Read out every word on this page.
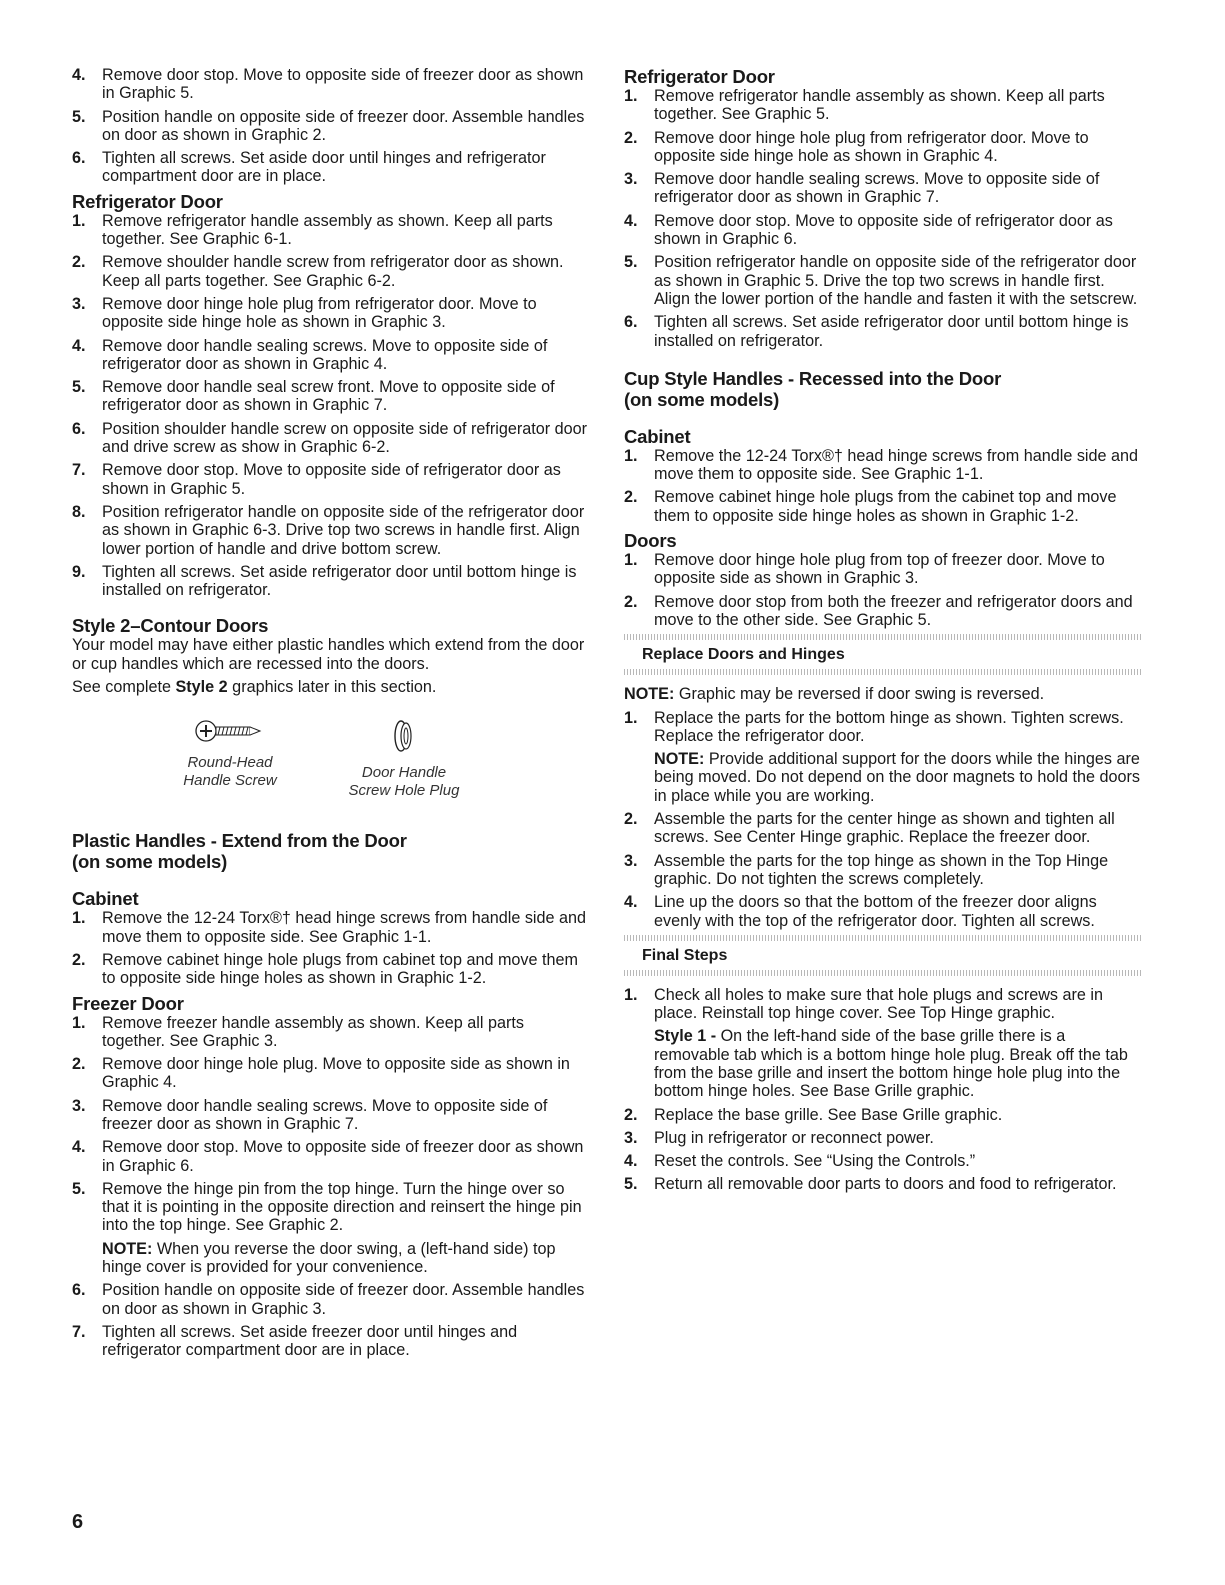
4. Remove door stop. Move to opposite side of freezer door as shown in Graphic 5.
5. Position handle on opposite side of freezer door. Assemble handles on door as shown in Graphic 2.
6. Tighten all screws. Set aside door until hinges and refrigerator compartment door are in place.
Refrigerator Door
1. Remove refrigerator handle assembly as shown. Keep all parts together. See Graphic 6-1.
2. Remove shoulder handle screw from refrigerator door as shown. Keep all parts together. See Graphic 6-2.
3. Remove door hinge hole plug from refrigerator door. Move to opposite side hinge hole as shown in Graphic 3.
4. Remove door handle sealing screws. Move to opposite side of refrigerator door as shown in Graphic 4.
5. Remove door handle seal screw front. Move to opposite side of refrigerator door as shown in Graphic 7.
6. Position shoulder handle screw on opposite side of refrigerator door and drive screw as show in Graphic 6-2.
7. Remove door stop. Move to opposite side of refrigerator door as shown in Graphic 5.
8. Position refrigerator handle on opposite side of the refrigerator door as shown in Graphic 6-3. Drive top two screws in handle first. Align lower portion of handle and drive bottom screw.
9. Tighten all screws. Set aside refrigerator door until bottom hinge is installed on refrigerator.
Style 2–Contour Doors

Your model may have either plastic handles which extend from the door or cup handles which are recessed into the doors.

See complete Style 2 graphics later in this section.

Round-Head
Handle Screw	Door Handle
Screw Hole Plug
Plastic Handles - Extend from the Door
(on some models)
Cabinet
1. Remove the 12-24 Torx®† head hinge screws from handle side and move them to opposite side. See Graphic 1-1.
2. Remove cabinet hinge hole plugs from cabinet top and move them to opposite side hinge holes as shown in Graphic 1-2.
Freezer Door
1. Remove freezer handle assembly as shown. Keep all parts together. See Graphic 3.
2. Remove door hinge hole plug. Move to opposite side as shown in Graphic 4.
3. Remove door handle sealing screws. Move to opposite side of freezer door as shown in Graphic 7.
4. Remove door stop. Move to opposite side of freezer door as shown in Graphic 6.
5. Remove the hinge pin from the top hinge. Turn the hinge over so that it is pointing in the opposite direction and reinsert the hinge pin into the top hinge. See Graphic 2.
NOTE: When you reverse the door swing, a (left-hand side) top hinge cover is provided for your convenience.
6. Position handle on opposite side of freezer door. Assemble handles on door as shown in Graphic 3.
7. Tighten all screws. Set aside freezer door until hinges and refrigerator compartment door are in place.
Refrigerator Door
1. Remove refrigerator handle assembly as shown. Keep all parts together. See Graphic 5.
2. Remove door hinge hole plug from refrigerator door. Move to opposite side hinge hole as shown in Graphic 4.
3. Remove door handle sealing screws. Move to opposite side of refrigerator door as shown in Graphic 7.
4. Remove door stop. Move to opposite side of refrigerator door as shown in Graphic 6.
5. Position refrigerator handle on opposite side of the refrigerator door as shown in Graphic 5. Drive the top two screws in handle first. Align the lower portion of the handle and fasten it with the setscrew.
6. Tighten all screws. Set aside refrigerator door until bottom hinge is installed on refrigerator.
Cup Style Handles - Recessed into the Door
(on some models)
Cabinet
1. Remove the 12-24 Torx®† head hinge screws from handle side and move them to opposite side. See Graphic 1-1.
2. Remove cabinet hinge hole plugs from the cabinet top and move them to opposite side hinge holes as shown in Graphic 1-2.
Doors
1. Remove door hinge hole plug from top of freezer door. Move to opposite side as shown in Graphic 3.
2. Remove door stop from both the freezer and refrigerator doors and move to the other side. See Graphic 5.
Replace Doors and Hinges

NOTE: Graphic may be reversed if door swing is reversed.

1. Replace the parts for the bottom hinge as shown. Tighten screws. Replace the refrigerator door.
NOTE: Provide additional support for the doors while the hinges are being moved. Do not depend on the door magnets to hold the doors in place while you are working.
2. Assemble the parts for the center hinge as shown and tighten all screws. See Center Hinge graphic. Replace the freezer door.
3. Assemble the parts for the top hinge as shown in the Top Hinge graphic. Do not tighten the screws completely.
4. Line up the doors so that the bottom of the freezer door aligns evenly with the top of the refrigerator door. Tighten all screws.
Final Steps
1. Check all holes to make sure that hole plugs and screws are in place. Reinstall top hinge cover. See Top Hinge graphic.
Style 1 - On the left-hand side of the base grille there is a removable tab which is a bottom hinge hole plug. Break off the tab from the base grille and insert the bottom hinge hole plug into the bottom hinge holes. See Base Grille graphic.
2. Replace the base grille. See Base Grille graphic.
3. Plug in refrigerator or reconnect power.
4. Reset the controls. See “Using the Controls.”
5. Return all removable door parts to doors and food to refrigerator.
6
